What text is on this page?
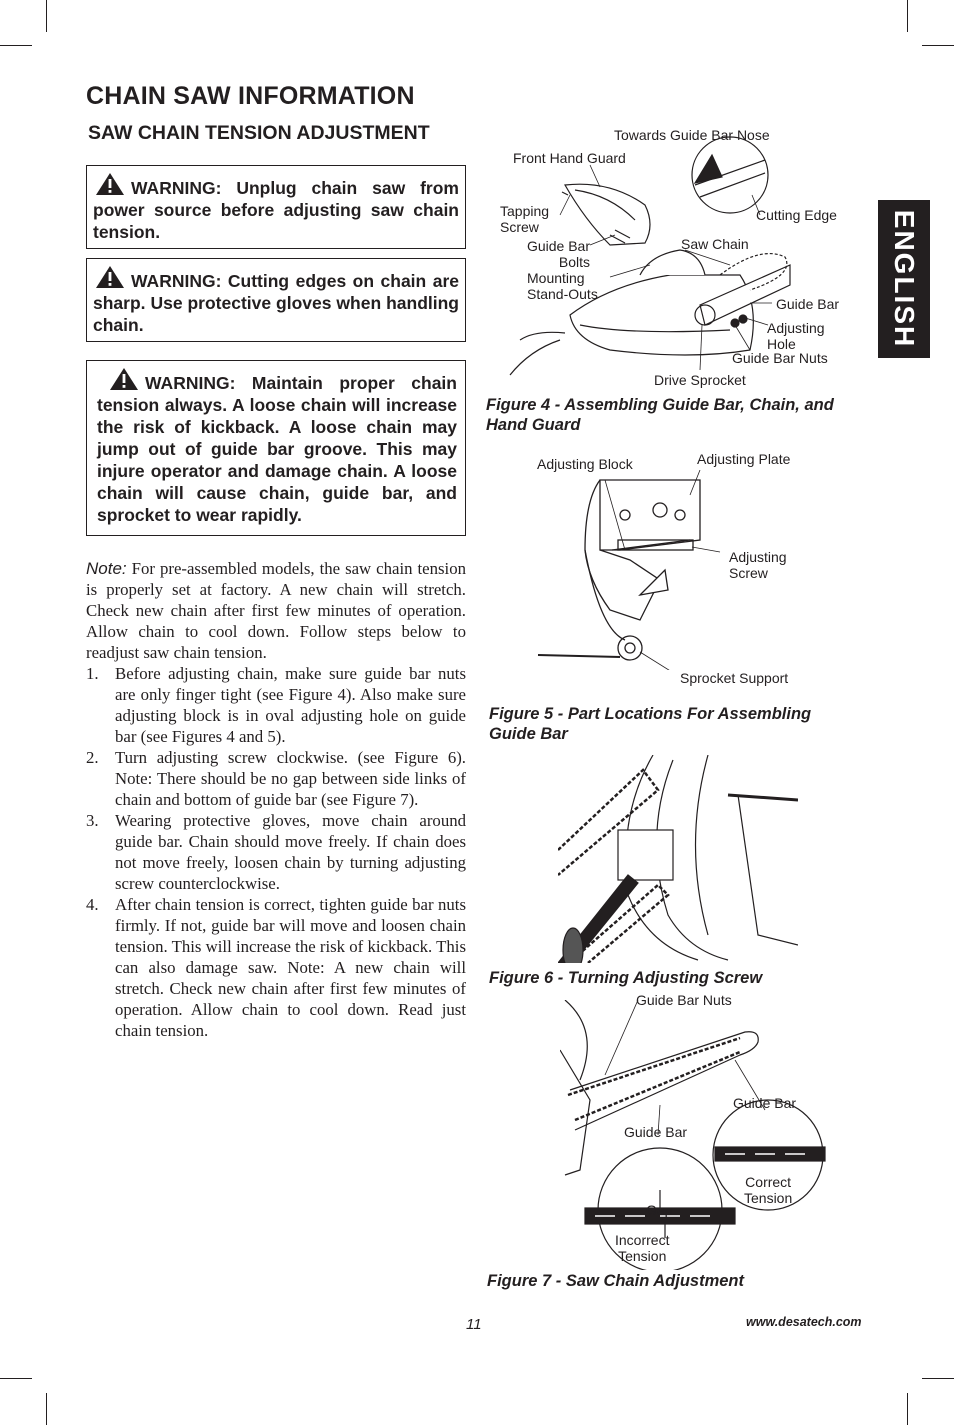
CHAIN SAW INFORMATION
SAW CHAIN TENSION ADJUSTMENT
ENGLISH
WARNING: Unplug chain saw from power source before adjusting saw chain tension.
WARNING: Cutting edges on chain are sharp. Use protective gloves when handling chain.
WARNING: Maintain proper chain tension always. A loose chain will increase the risk of kickback. A loose chain may jump out of guide bar groove. This may injure operator and damage chain. A loose chain will cause chain, guide bar, and sprocket to wear rapidly.
Note: For pre-assembled models, the saw chain tension is properly set at factory. A new chain will stretch. Check new chain after first few minutes of operation. Allow chain to cool down. Follow steps below to readjust saw chain tension.
1. Before adjusting chain, make sure guide bar nuts are only finger tight (see Figure 4). Also make sure adjusting block is in oval adjusting hole on guide bar (see Figures 4 and 5).
2. Turn adjusting screw clockwise. (see Figure 6). Note: There should be no gap between side links of chain and bottom of guide bar (see Figure 7).
3. Wearing protective gloves, move chain around guide bar. Chain should move freely. If chain does not move freely, loosen chain by turning adjusting screw counterclockwise.
4. After chain tension is correct, tighten guide bar nuts firmly. If not, guide bar will move and loosen chain tension. This will increase the risk of kickback. This can also damage saw. Note: A new chain will stretch. Check new chain after first few minutes of operation. Allow chain to cool down. Read just chain tension.
Towards Guide Bar Nose
Front Hand Guard
Tapping
Screw
Cutting Edge
Guide Bar
Bolts
Saw Chain
Mounting
Stand-Outs
Guide Bar
Adjusting
Hole
Guide Bar Nuts
Drive Sprocket
Figure 4 - Assembling Guide Bar, Chain, and Hand Guard
Adjusting Block	Adjusting Plate
Adjusting
Screw
Sprocket Support
Figure 5 - Part Locations For Assembling Guide Bar
Figure 6 - Turning Adjusting Screw
Guide Bar Nuts
Guide Bar
Guide Bar
Gap
Correct
Tension
Incorrect
Tension
Figure 7 - Saw Chain Adjustment
11	www.desatech.com
